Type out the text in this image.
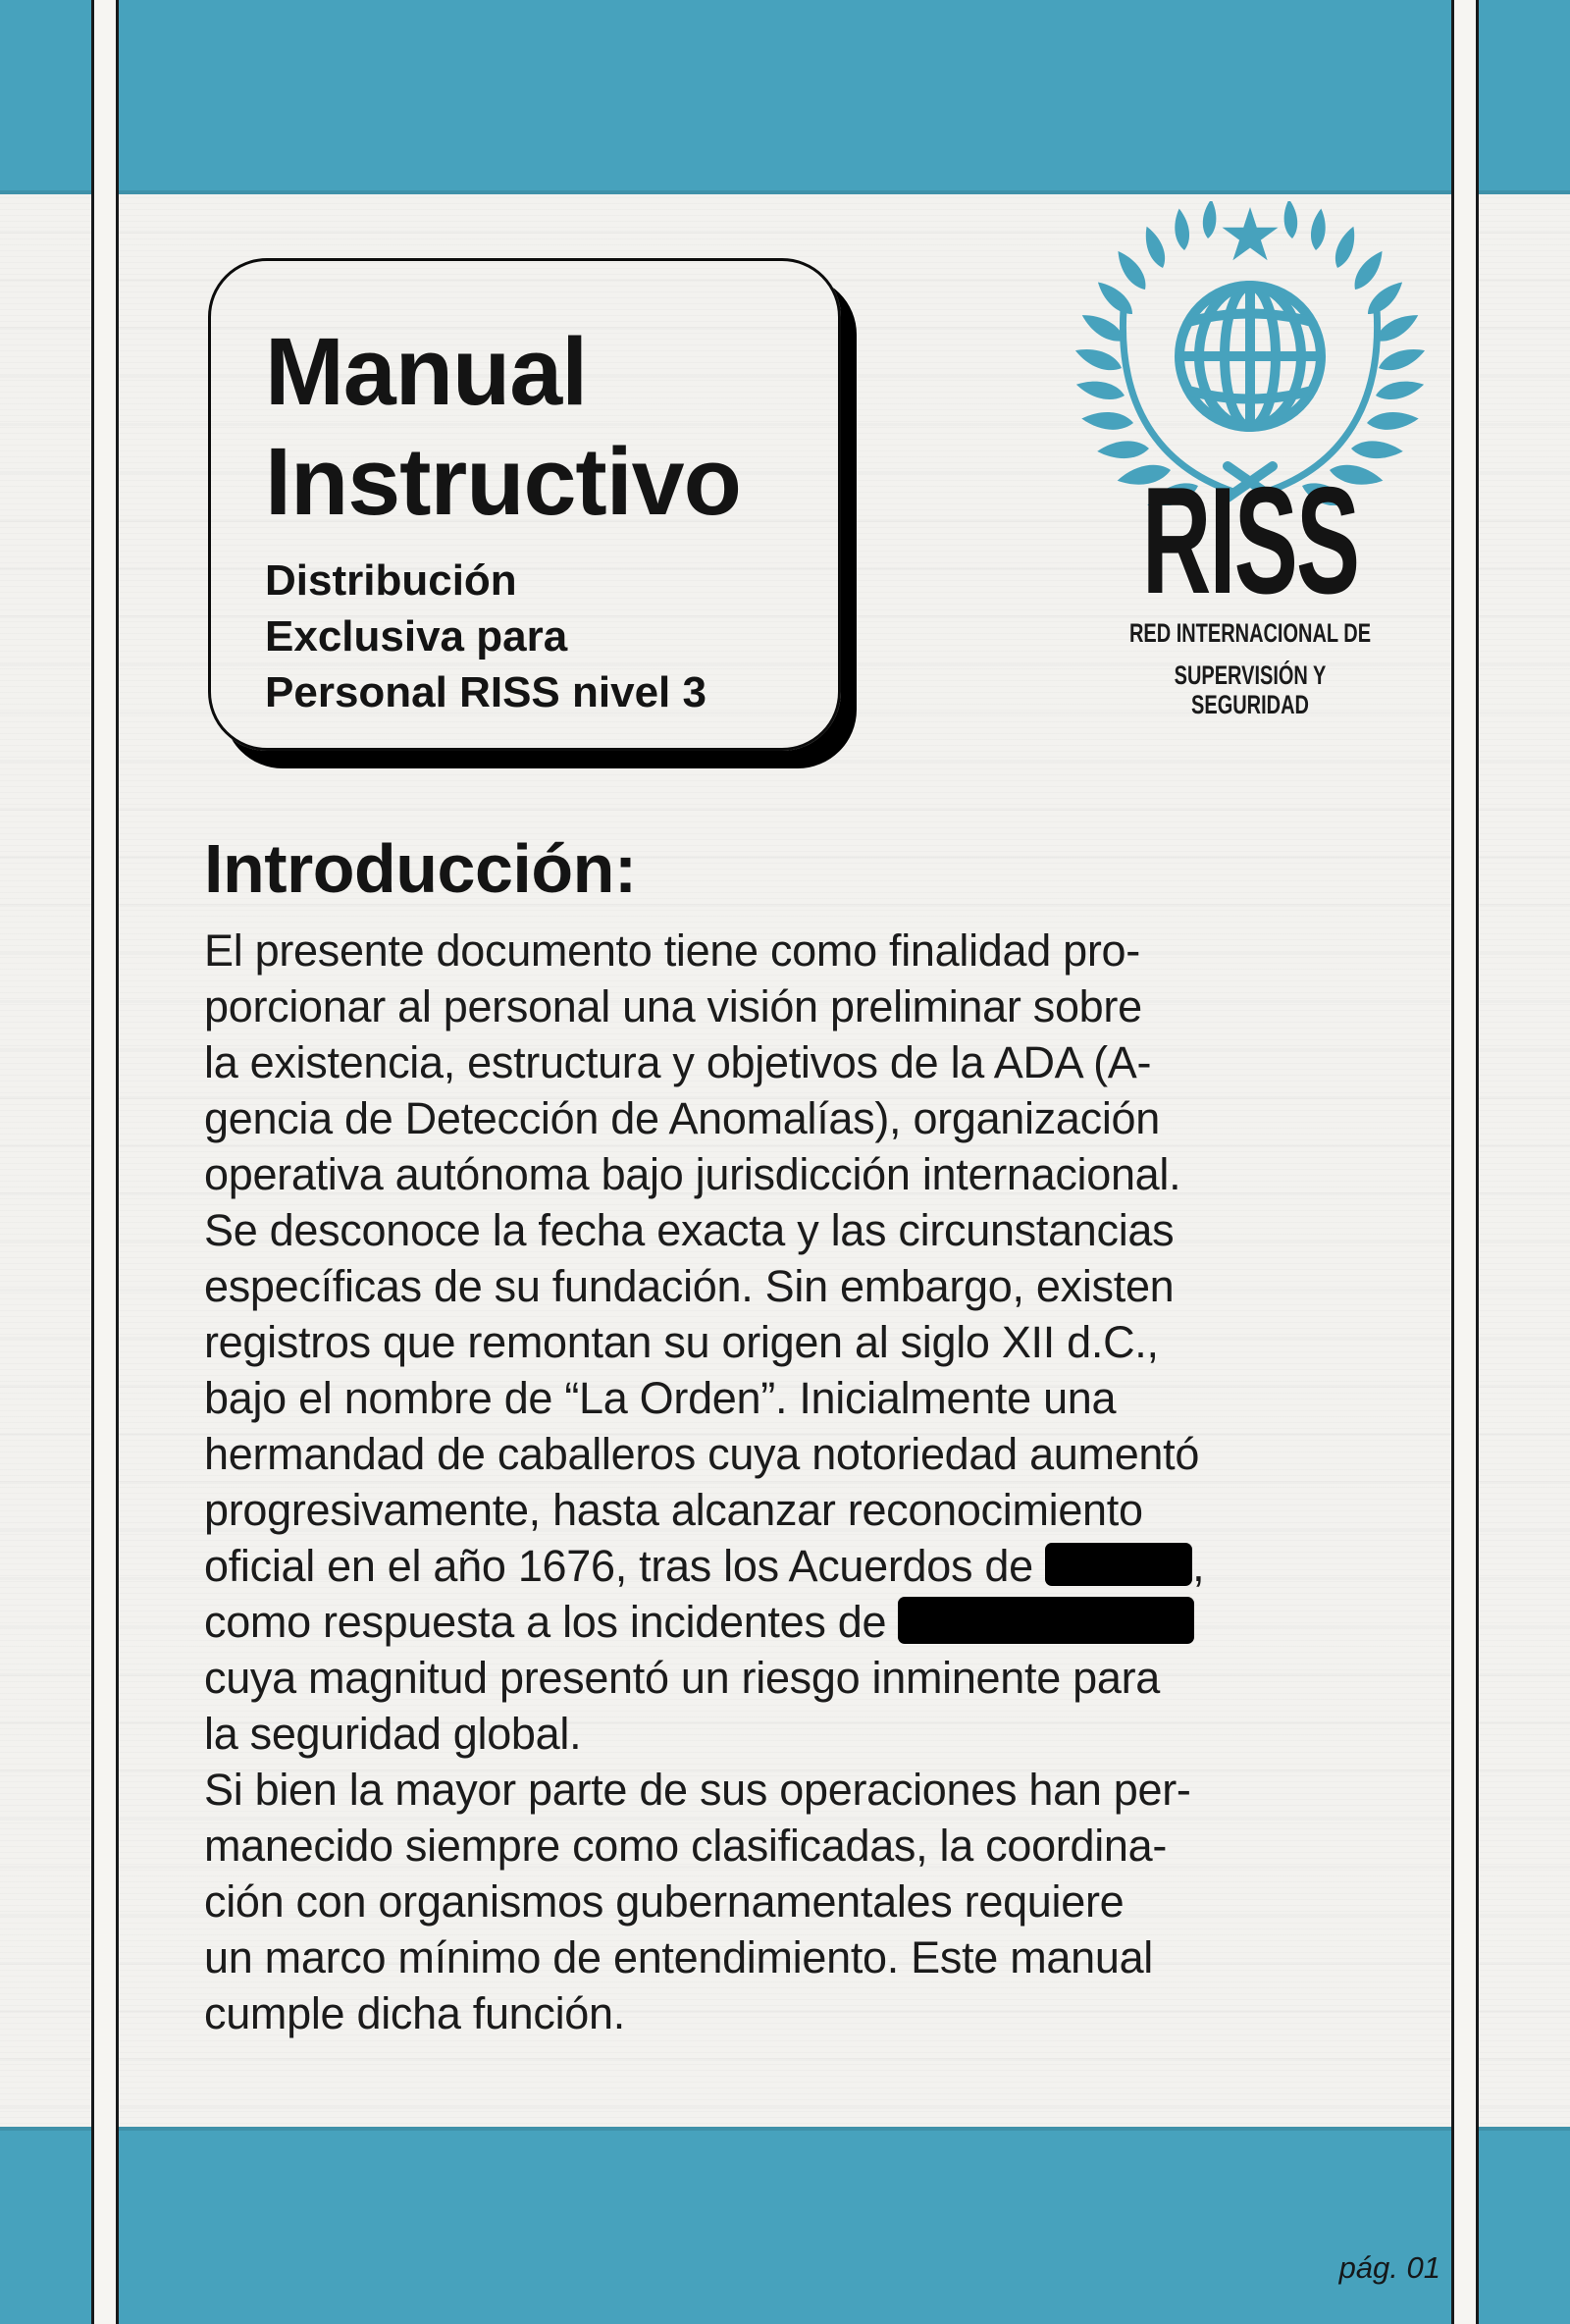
Manual
Instructivo
Distribución
Exclusiva para
Personal RISS nivel 3
RISS
RED INTERNACIONAL DE
SUPERVISIÓN Y SEGURIDAD
Introducción:
El presente documento tiene como finalidad pro-
porcionar al personal una visión preliminar sobre
la existencia, estructura y objetivos de la ADA (A-
gencia de Detección de Anomalías), organización
operativa autónoma bajo jurisdicción internacional.
Se desconoce la fecha exacta y las circunstancias
específicas de su fundación. Sin embargo, existen
registros que remontan su origen al siglo XII d.C.,
bajo el nombre de “La Orden”. Inicialmente una
hermandad de caballeros cuya notoriedad aumentó
progresivamente, hasta alcanzar reconocimiento
oficial en el año 1676, tras los Acuerdos de	,
como respuesta a los incidentes de
cuya magnitud presentó un riesgo inminente para
la seguridad global.
Si bien la mayor parte de sus operaciones han per-
manecido siempre como clasificadas, la coordina-
ción con organismos gubernamentales requiere
un marco mínimo de entendimiento. Este manual
cumple dicha función.
pág. 01
